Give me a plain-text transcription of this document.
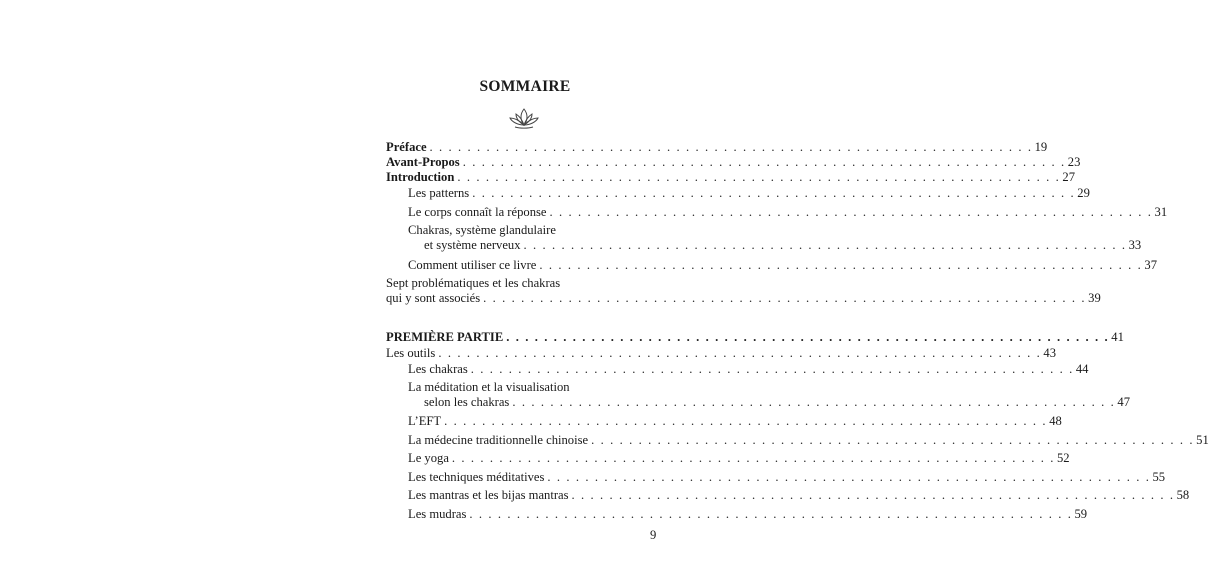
SOMMAIRE
Préface . . . . . . . . . . . . . . . . . . . . . . . . . . . . . . . . . . . . . . . . . . . . . . . . . . . . . . . . . . . . . . . . 19
Avant-Propos . . . . . . . . . . . . . . . . . . . . . . . . . . . . . . . . . . . . . . . . . . . . . . . . . . . . . . . . . . . . . . . . 23
Introduction . . . . . . . . . . . . . . . . . . . . . . . . . . . . . . . . . . . . . . . . . . . . . . . . . . . . . . . . . . . . . . . . 27
Les patterns . . . . . . . . . . . . . . . . . . . . . . . . . . . . . . . . . . . . . . . . . . . . . . . . . . . . . . . . . . . . . . . . 29
Le corps connaît la réponse . . . . . . . . . . . . . . . . . . . . . . . . . . . . . . . . . . . . . . . . . . . . . . . . . . . . . . . . . . . . . . . . 31
Chakras, système glandulaire
et système nerveux . . . . . . . . . . . . . . . . . . . . . . . . . . . . . . . . . . . . . . . . . . . . . . . . . . . . . . . . . . . . . . . . 33
Comment utiliser ce livre . . . . . . . . . . . . . . . . . . . . . . . . . . . . . . . . . . . . . . . . . . . . . . . . . . . . . . . . . . . . . . . . 37
Sept problématiques et les chakras
qui y sont associés . . . . . . . . . . . . . . . . . . . . . . . . . . . . . . . . . . . . . . . . . . . . . . . . . . . . . . . . . . . . . . . . 39
PREMIÈRE PARTIE . . . . . . . . . . . . . . . . . . . . . . . . . . . . . . . . . . . . . . . . . . . . . . . . . . . . . . . . . . . . . . . . 41
Les outils . . . . . . . . . . . . . . . . . . . . . . . . . . . . . . . . . . . . . . . . . . . . . . . . . . . . . . . . . . . . . . . . 43
Les chakras . . . . . . . . . . . . . . . . . . . . . . . . . . . . . . . . . . . . . . . . . . . . . . . . . . . . . . . . . . . . . . . . 44
La méditation et la visualisation
selon les chakras . . . . . . . . . . . . . . . . . . . . . . . . . . . . . . . . . . . . . . . . . . . . . . . . . . . . . . . . . . . . . . . . 47
L’EFT . . . . . . . . . . . . . . . . . . . . . . . . . . . . . . . . . . . . . . . . . . . . . . . . . . . . . . . . . . . . . . . . 48
La médecine traditionnelle chinoise . . . . . . . . . . . . . . . . . . . . . . . . . . . . . . . . . . . . . . . . . . . . . . . . . . . . . . . . . . . . . . . . 51
Le yoga . . . . . . . . . . . . . . . . . . . . . . . . . . . . . . . . . . . . . . . . . . . . . . . . . . . . . . . . . . . . . . . . 52
Les techniques méditatives . . . . . . . . . . . . . . . . . . . . . . . . . . . . . . . . . . . . . . . . . . . . . . . . . . . . . . . . . . . . . . . . 55
Les mantras et les bijas mantras . . . . . . . . . . . . . . . . . . . . . . . . . . . . . . . . . . . . . . . . . . . . . . . . . . . . . . . . . . . . . . . . 58
Les mudras . . . . . . . . . . . . . . . . . . . . . . . . . . . . . . . . . . . . . . . . . . . . . . . . . . . . . . . . . . . . . . . . 59
9
